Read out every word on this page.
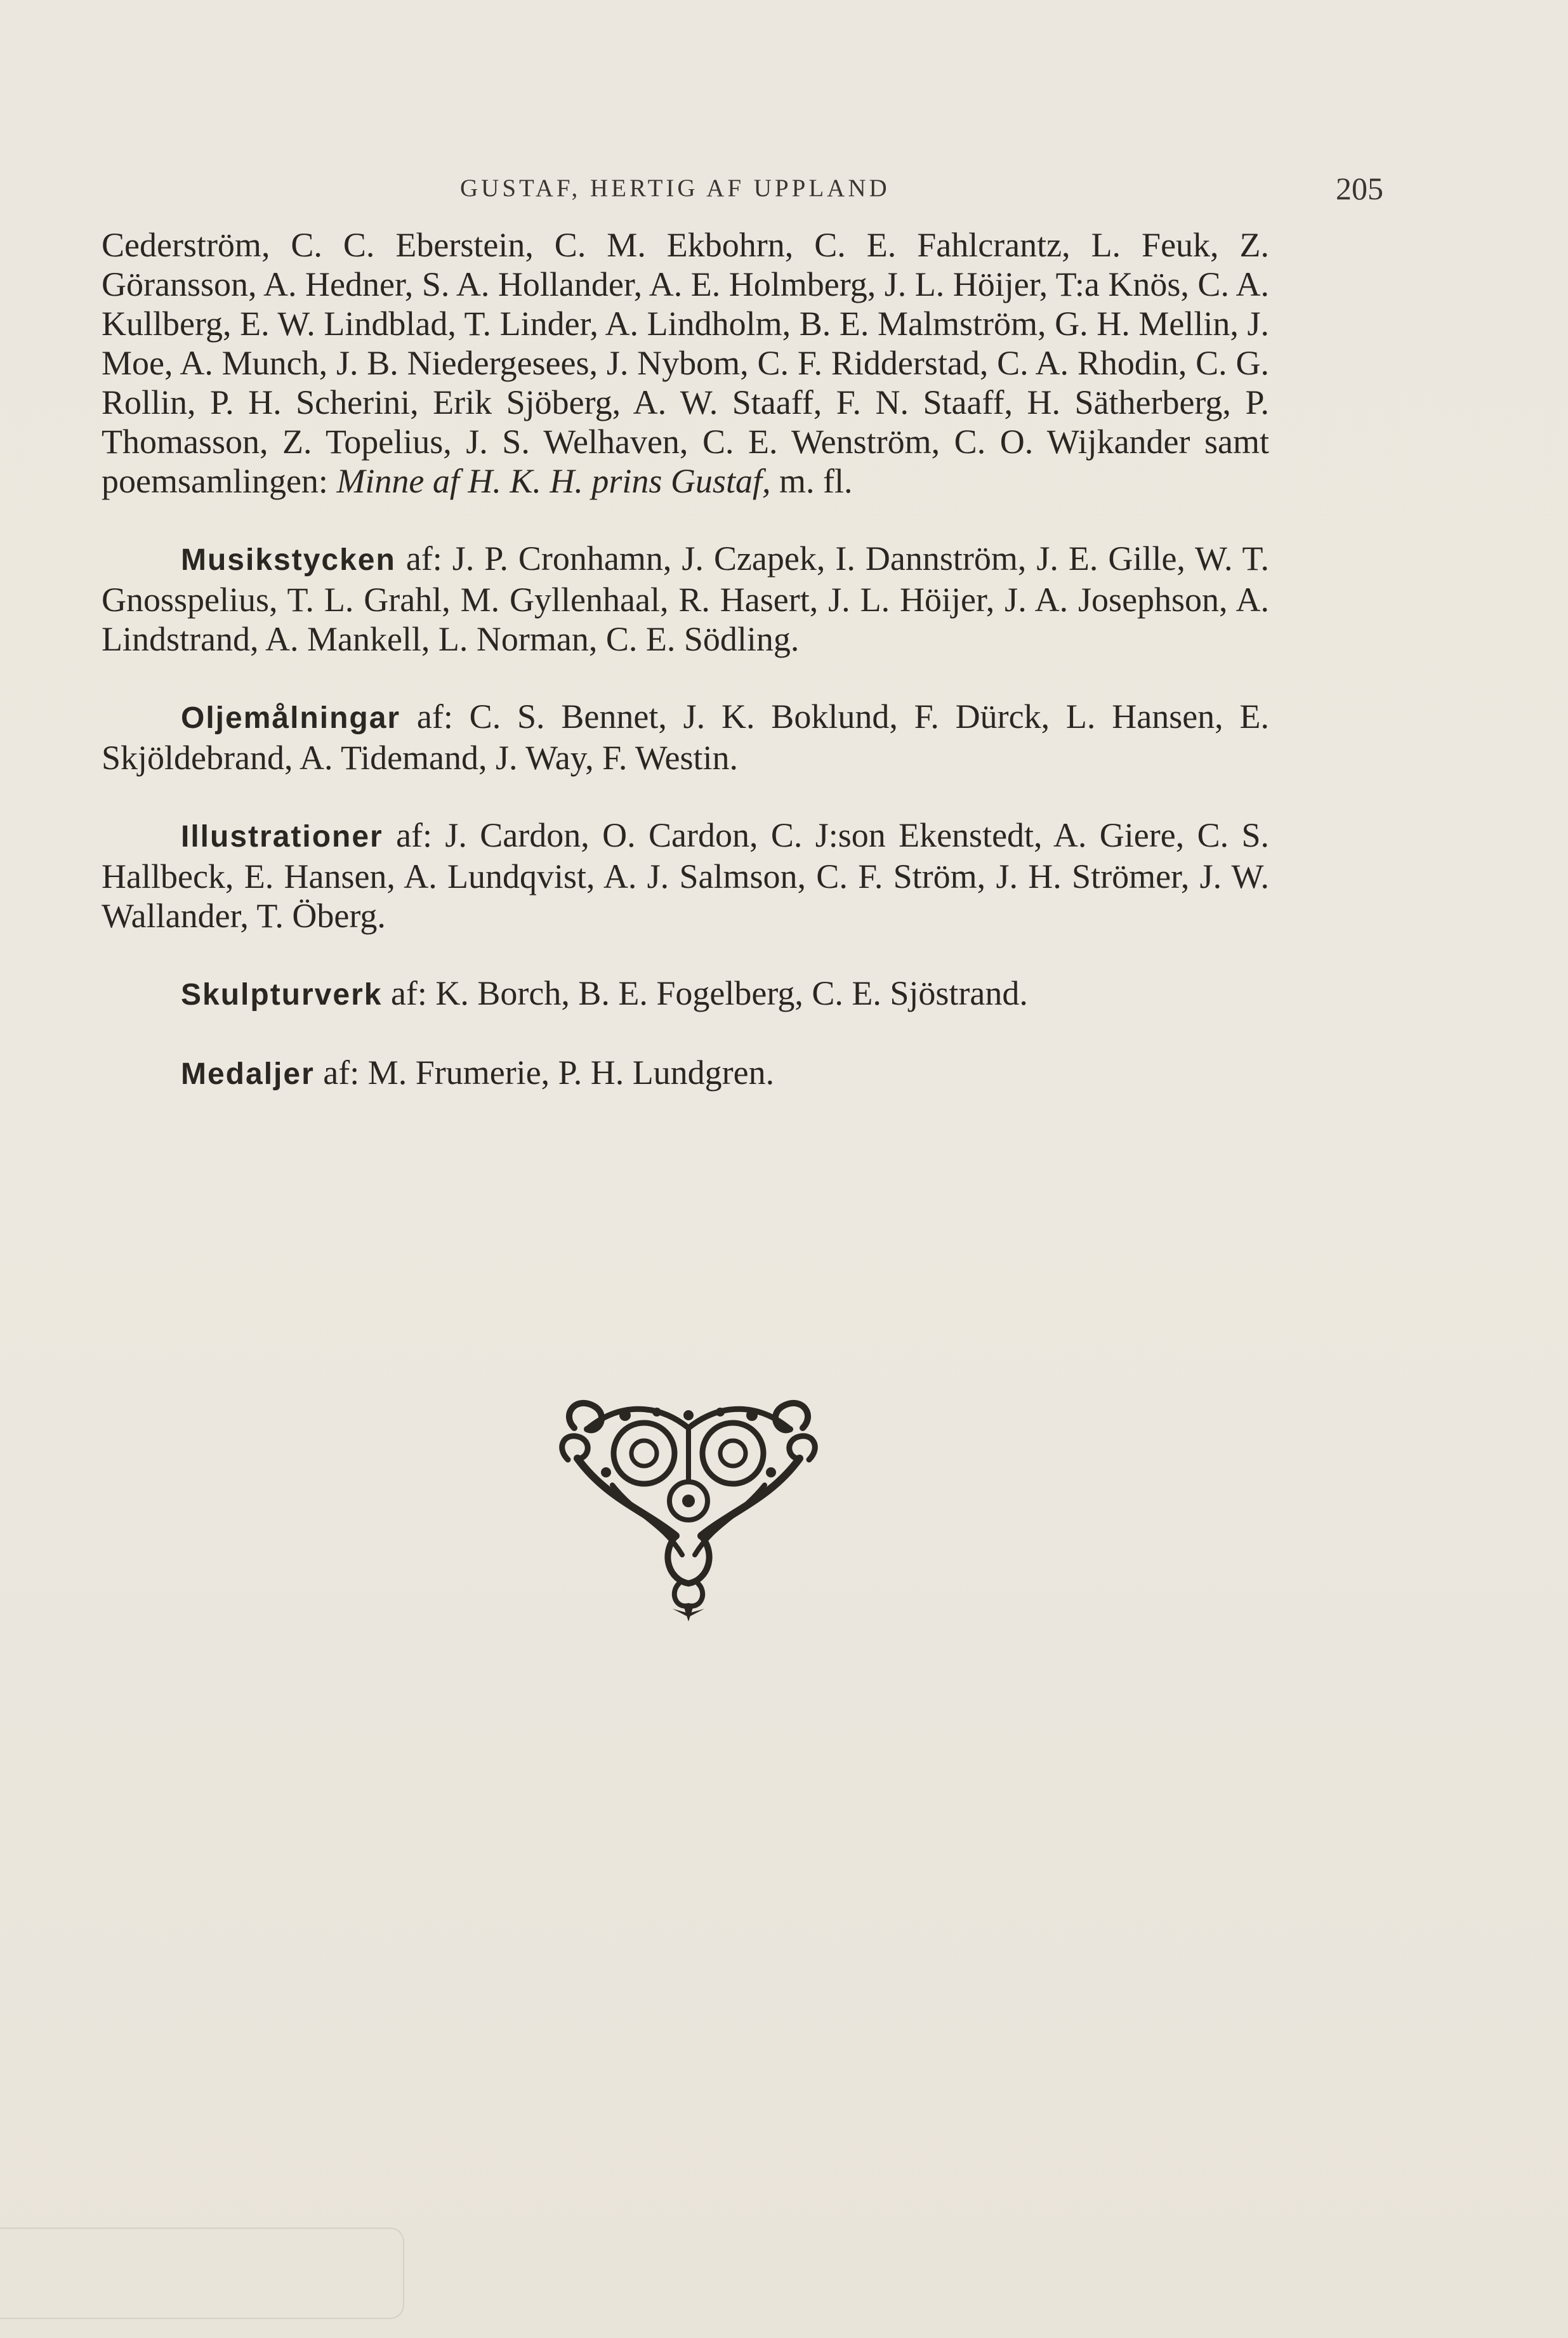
GUSTAF, HERTIG AF UPPLAND	205

Cederström, C. C. Eberstein, C. M. Ekbohrn, C. E. Fahlcrantz, L. Feuk, Z. Göransson, A. Hedner, S. A. Hollander, A. E. Holmberg, J. L. Höijer, T:a Knös, C. A. Kullberg, E. W. Lindblad, T. Linder, A. Lindholm, B. E. Malmström, G. H. Mellin, J. Moe, A. Munch, J. B. Niedergesees, J. Nybom, C. F. Ridderstad, C. A. Rhodin, C. G. Rollin, P. H. Scherini, Erik Sjöberg, A. W. Staaff, F. N. Staaff, H. Sätherberg, P. Thomasson, Z. Topelius, J. S. Welhaven, C. E. Wenström, C. O. Wijkander samt poemsamlingen: Minne af H. K. H. prins Gustaf, m. fl.

Musikstycken af: J. P. Cronhamn, J. Czapek, I. Dannström, J. E. Gille, W. T. Gnosspelius, T. L. Grahl, M. Gyllenhaal, R. Hasert, J. L. Höijer, J. A. Josephson, A. Lindstrand, A. Mankell, L. Norman, C. E. Södling.

Oljemålningar af: C. S. Bennet, J. K. Boklund, F. Dürck, L. Hansen, E. Skjöldebrand, A. Tidemand, J. Way, F. Westin.

Illustrationer af: J. Cardon, O. Cardon, C. J:son Ekenstedt, A. Giere, C. S. Hallbeck, E. Hansen, A. Lundqvist, A. J. Salmson, C. F. Ström, J. H. Strömer, J. W. Wallander, T. Öberg.

Skulpturverk af: K. Borch, B. E. Fogelberg, C. E. Sjöstrand.

Medaljer af: M. Frumerie, P. H. Lundgren.
